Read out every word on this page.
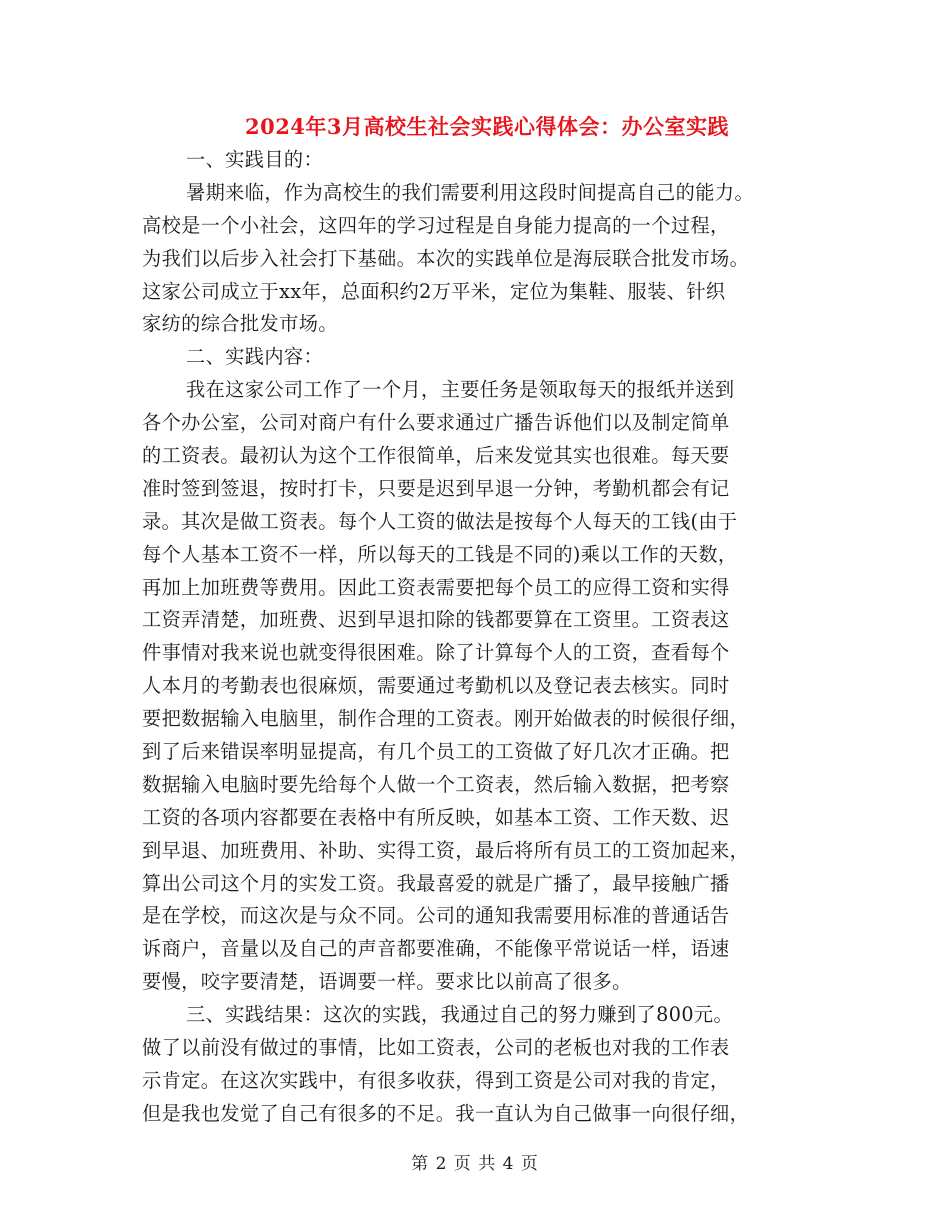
2024年3月高校生社会实践心得体会：办公室实践
一、实践目的：
暑期来临，作为高校生的我们需要利用这段时间提高自己的能力。
高校是一个小社会，这四年的学习过程是自身能力提高的一个过程，
为我们以后步入社会打下基础。本次的实践单位是海辰联合批发市场。
这家公司成立于xx年，总面积约2万平米，定位为集鞋、服装、针织
家纺的综合批发市场。
二、实践内容：
我在这家公司工作了一个月，主要任务是领取每天的报纸并送到
各个办公室，公司对商户有什么要求通过广播告诉他们以及制定简单
的工资表。最初认为这个工作很简单，后来发觉其实也很难。每天要
准时签到签退，按时打卡，只要是迟到早退一分钟，考勤机都会有记
录。其次是做工资表。每个人工资的做法是按每个人每天的工钱(由于
每个人基本工资不一样，所以每天的工钱是不同的)乘以工作的天数，
再加上加班费等费用。因此工资表需要把每个员工的应得工资和实得
工资弄清楚，加班费、迟到早退扣除的钱都要算在工资里。工资表这
件事情对我来说也就变得很困难。除了计算每个人的工资，查看每个
人本月的考勤表也很麻烦，需要通过考勤机以及登记表去核实。同时
要把数据输入电脑里，制作合理的工资表。刚开始做表的时候很仔细，
到了后来错误率明显提高，有几个员工的工资做了好几次才正确。把
数据输入电脑时要先给每个人做一个工资表，然后输入数据，把考察
工资的各项内容都要在表格中有所反映，如基本工资、工作天数、迟
到早退、加班费用、补助、实得工资，最后将所有员工的工资加起来，
算出公司这个月的实发工资。我最喜爱的就是广播了，最早接触广播
是在学校，而这次是与众不同。公司的通知我需要用标准的普通话告
诉商户，音量以及自己的声音都要准确，不能像平常说话一样，语速
要慢，咬字要清楚，语调要一样。要求比以前高了很多。
三、实践结果：这次的实践，我通过自己的努力赚到了800元。
做了以前没有做过的事情，比如工资表，公司的老板也对我的工作表
示肯定。在这次实践中，有很多收获，得到工资是公司对我的肯定，
但是我也发觉了自己有很多的不足。我一直认为自己做事一向很仔细，
第 2 页 共 4 页
